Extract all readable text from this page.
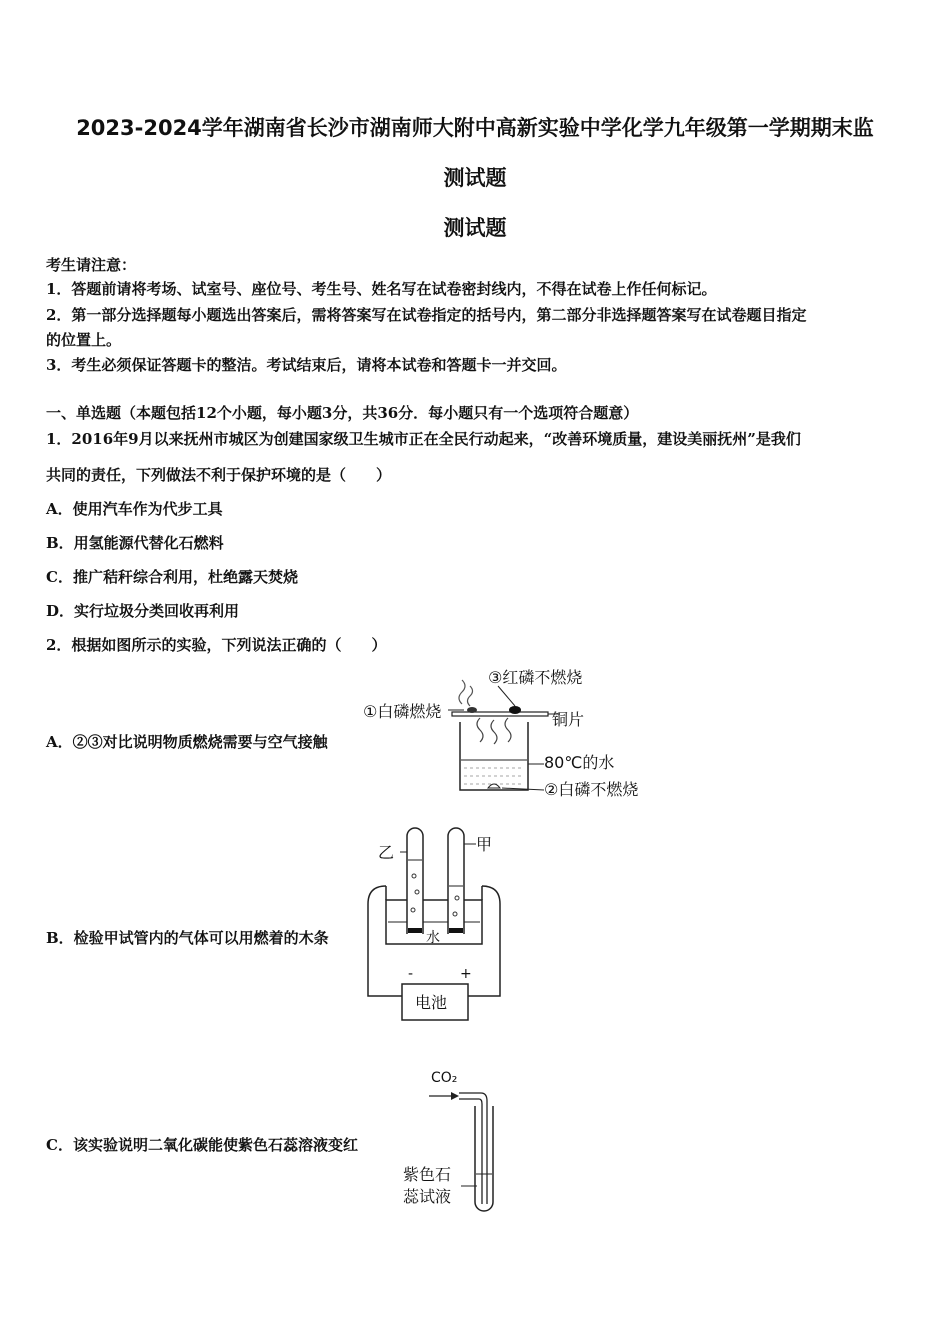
2023-2024学年湖南省长沙市湖南师大附中高新实验中学化学九年级第一学期期末监
测试题
测试题
考生请注意：
1．答题前请将考场、试室号、座位号、考生号、姓名写在试卷密封线内，不得在试卷上作任何标记。
2．第一部分选择题每小题选出答案后，需将答案写在试卷指定的括号内，第二部分非选择题答案写在试卷题目指定
的位置上。
3．考生必须保证答题卡的整洁。考试结束后，请将本试卷和答题卡一并交回。
一、单选题（本题包括12个小题，每小题3分，共36分．每小题只有一个选项符合题意）
1．2016年9月以来抚州市城区为创建国家级卫生城市正在全民行动起来，“改善环境质量，建设美丽抚州”是我们
共同的责任，下列做法不利于保护环境的是（　　）
A．使用汽车作为代步工具
B．用氢能源代替化石燃料
C．推广秸秆综合利用，杜绝露天焚烧
D．实行垃圾分类回收再利用
2．根据如图所示的实验，下列说法正确的（　　）
A．②③对比说明物质燃烧需要与空气接触
B．检验甲试管内的气体可以用燃着的木条
C．该实验说明二氧化碳能使紫色石蕊溶液变红
③红磷不燃烧
①白磷燃烧	铜片
80℃的水
②白磷不燃烧
乙	甲
水
-	+
电池
CO₂
紫色石
蕊试液
